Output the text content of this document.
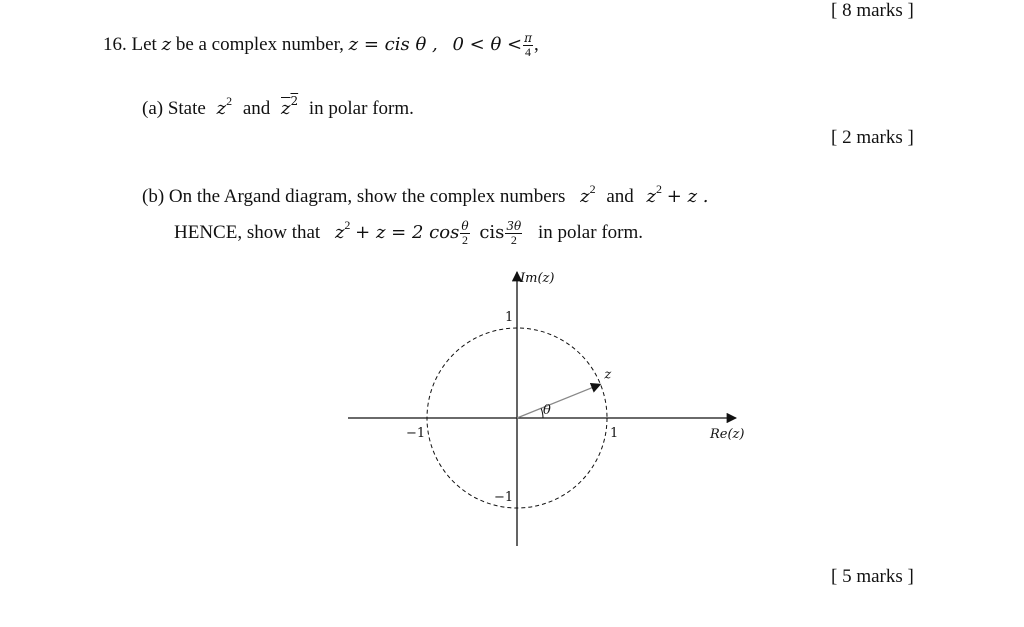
[ 8 marks ]
[ 2 marks ]
[ 5 marks ]
16. Let z be a complex number, z = cis θ , $0 < \theta < \frac{\pi}{4}$ ,
(a) State $z^2$ and $z^2$ in polar form.
(b) On the Argand diagram, show the complex numbers $z^2$ and $z^2 + z$ .
HENCE, show that $z^2 + z = 2$ $\cos \frac{\theta}{2}$ cis $\frac{3\theta}{2}$ in polar form.
Im(z)
Re(z)
1
−1
1
−1
z
θ
